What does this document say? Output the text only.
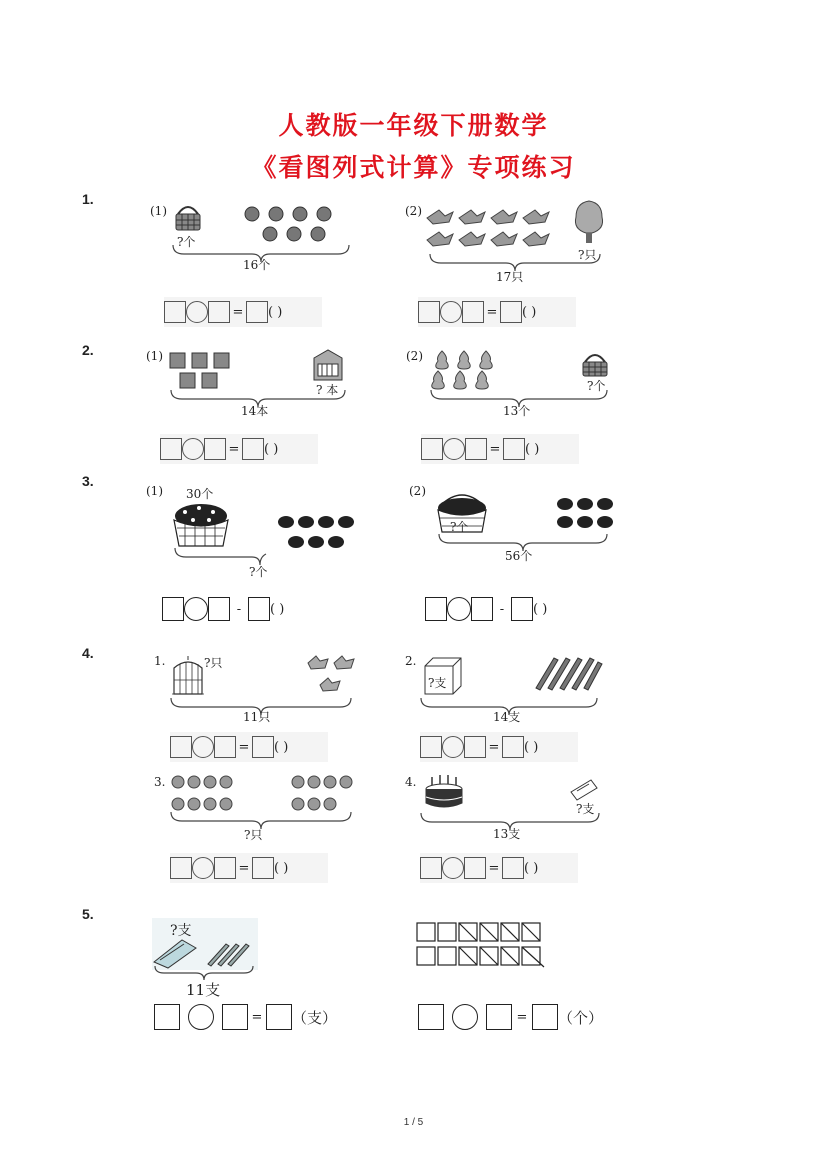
人教版一年级下册数学
《看图列式计算》专项练习
1.
(1)
?个
16个
(2)
?只
17只
= ( )	= ( )
2.	(1)
? 本
14本
(2)
?个
13个
= ( )	= ( )
3.
(1) 30个
?个
(2)
?个
56个
-	( )	-	( )
4.	1.	?只
11只
2.
?支
14支
= ( )	= ( )
3.
?只
4.
?支
13支
= ( )	= ( )
5.
?支
11支
= （支）	=	（个）
1 / 5
